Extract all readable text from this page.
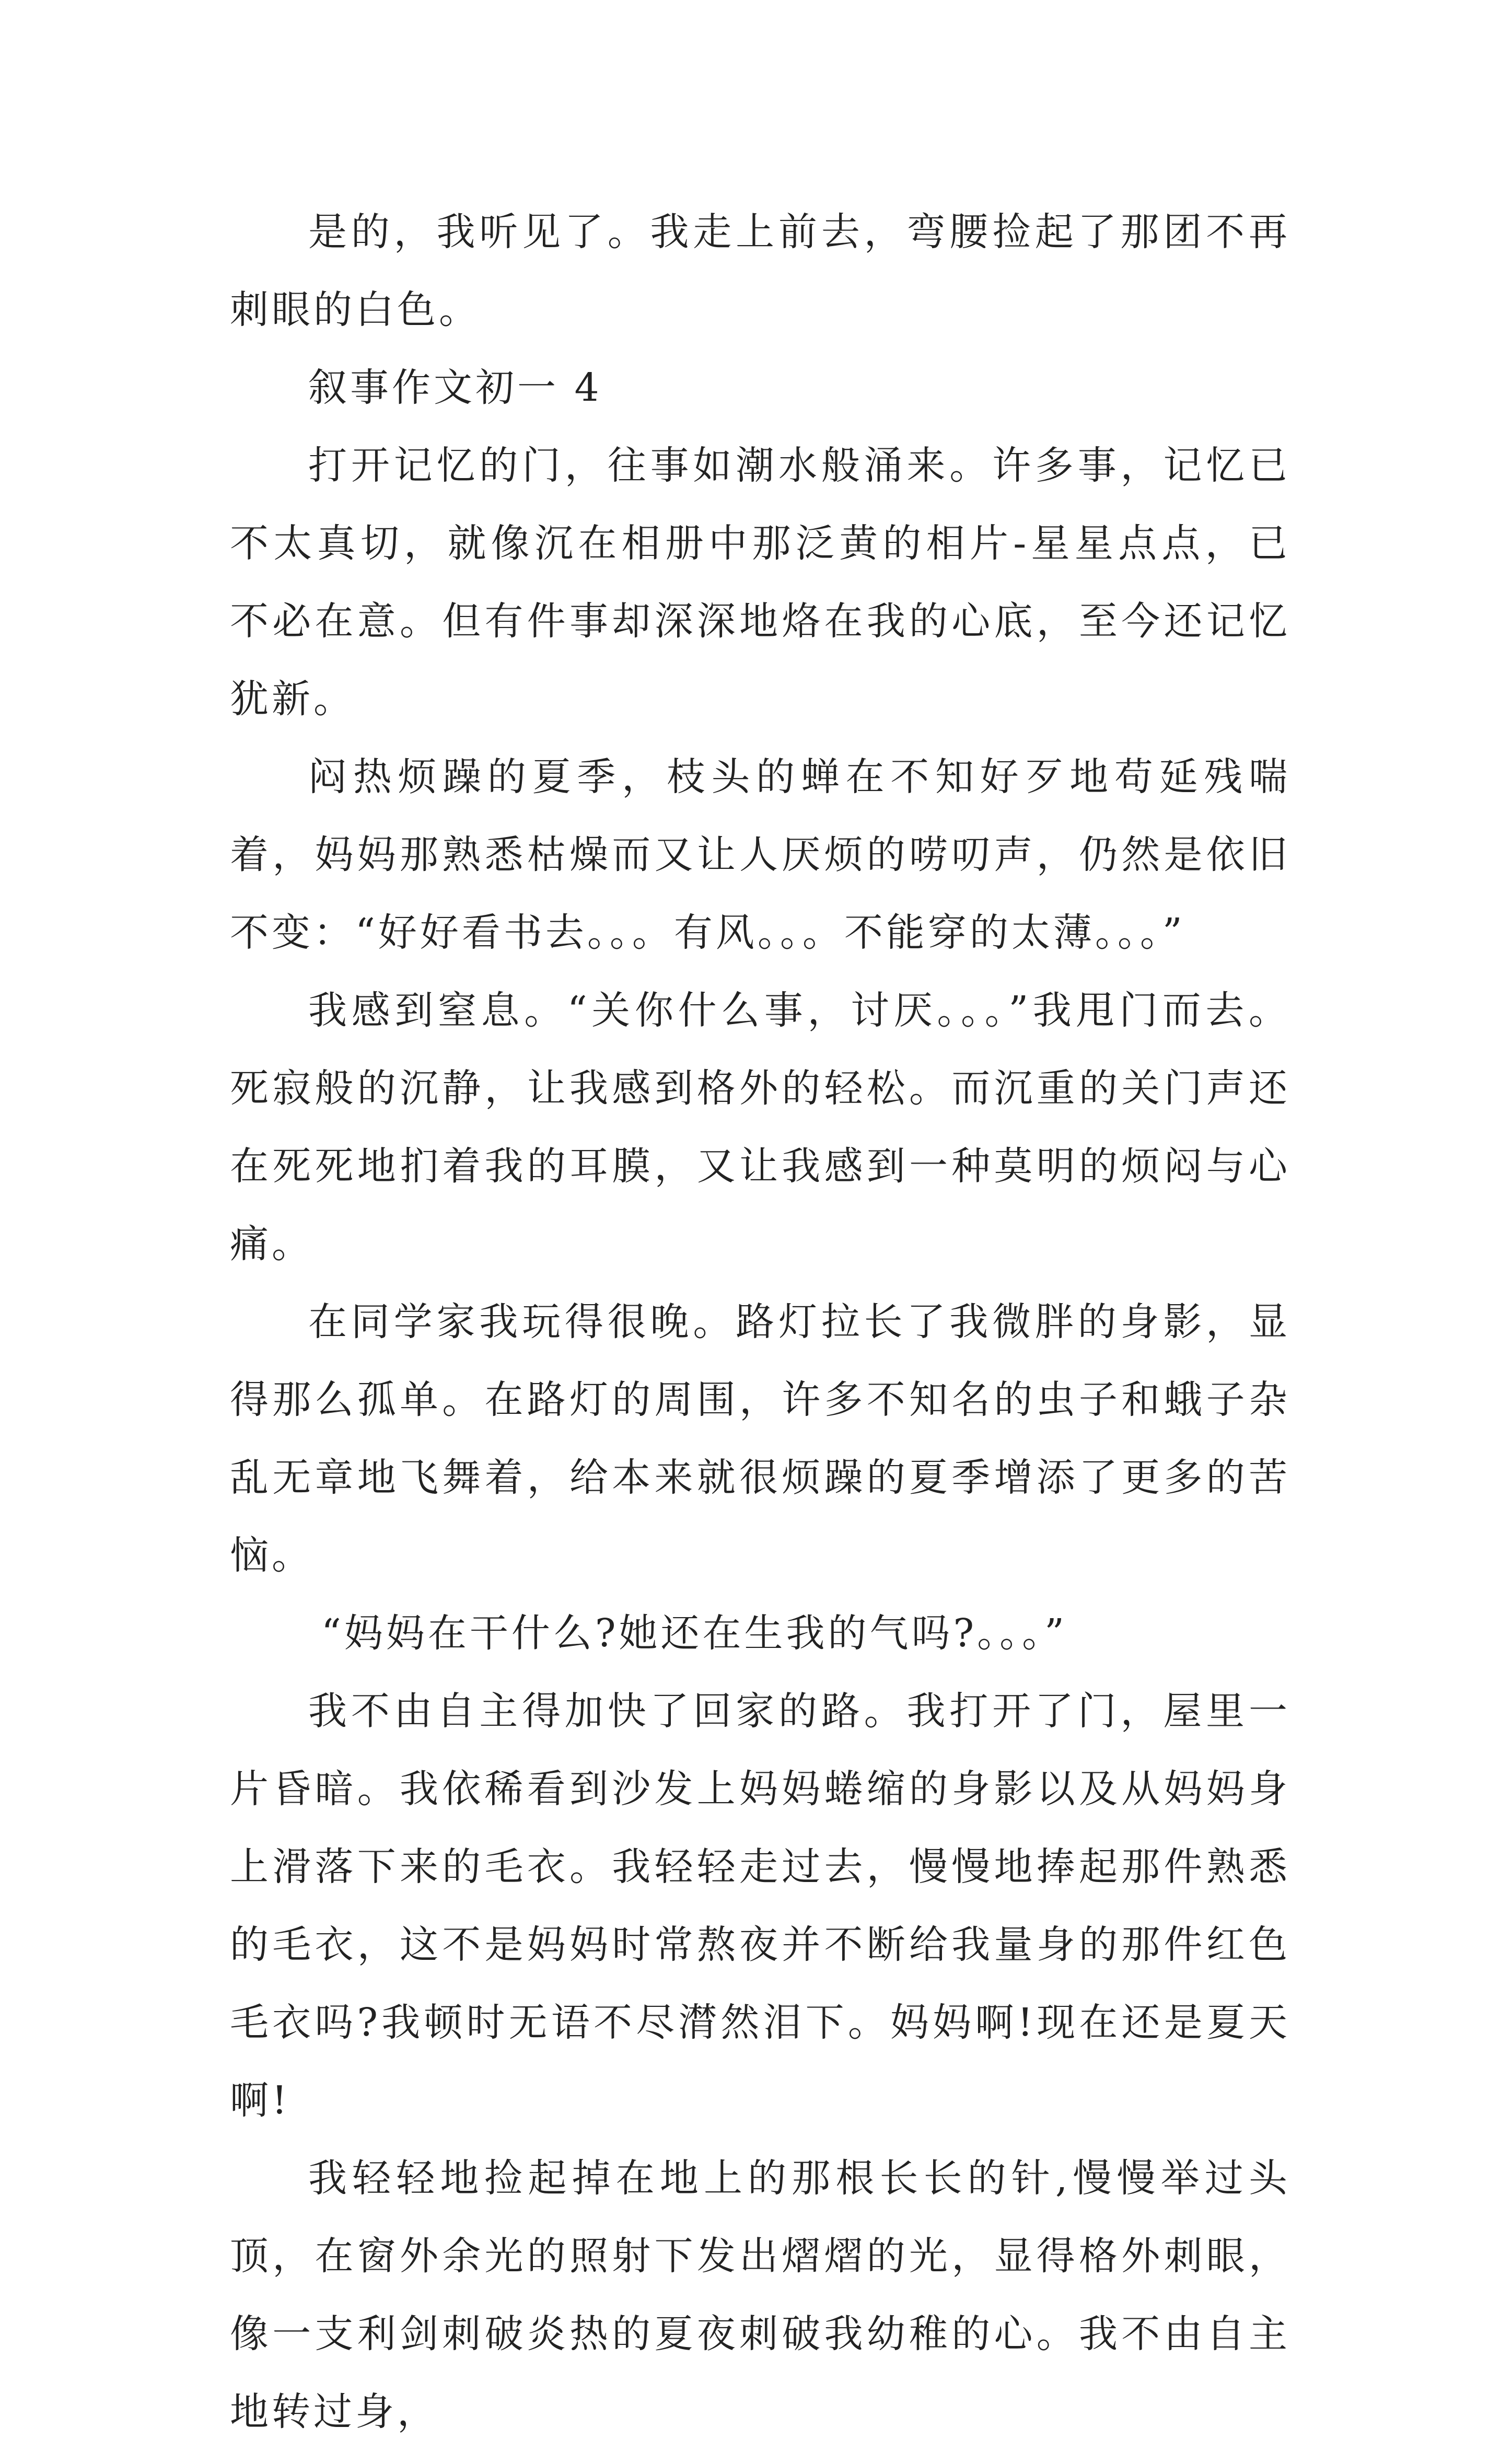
是的，我听见了。我走上前去，弯腰捡起了那团不再刺眼的白色。

叙事作文初一 4

打开记忆的门，往事如潮水般涌来。许多事，记忆已不太真切，就像沉在相册中那泛黄的相片-星星点点，已不必在意。但有件事却深深地烙在我的心底，至今还记忆犹新。

闷热烦躁的夏季，枝头的蝉在不知好歹地苟延残喘着，妈妈那熟悉枯燥而又让人厌烦的唠叨声，仍然是依旧不变：“好好看书去。。。有风。。。不能穿的太薄。。。”

我感到窒息。“关你什么事，讨厌。。。”我甩门而去。死寂般的沉静，让我感到格外的轻松。而沉重的关门声还在死死地扪着我的耳膜，又让我感到一种莫明的烦闷与心痛。

在同学家我玩得很晚。路灯拉长了我微胖的身影，显得那么孤单。在路灯的周围，许多不知名的虫子和蛾子杂乱无章地飞舞着，给本来就很烦躁的夏季增添了更多的苦恼。

“妈妈在干什么?她还在生我的气吗?。。。”

我不由自主得加快了回家的路。我打开了门，屋里一片昏暗。我依稀看到沙发上妈妈蜷缩的身影以及从妈妈身上滑落下来的毛衣。我轻轻走过去，慢慢地捧起那件熟悉的毛衣，这不是妈妈时常熬夜并不断给我量身的那件红色毛衣吗?我顿时无语不尽潸然泪下。妈妈啊!现在还是夏天啊!

我轻轻地捡起掉在地上的那根长长的针,慢慢举过头顶，在窗外余光的照射下发出熠熠的光，显得格外刺眼，像一支利剑刺破炎热的夏夜刺破我幼稚的心。我不由自主地转过身，
